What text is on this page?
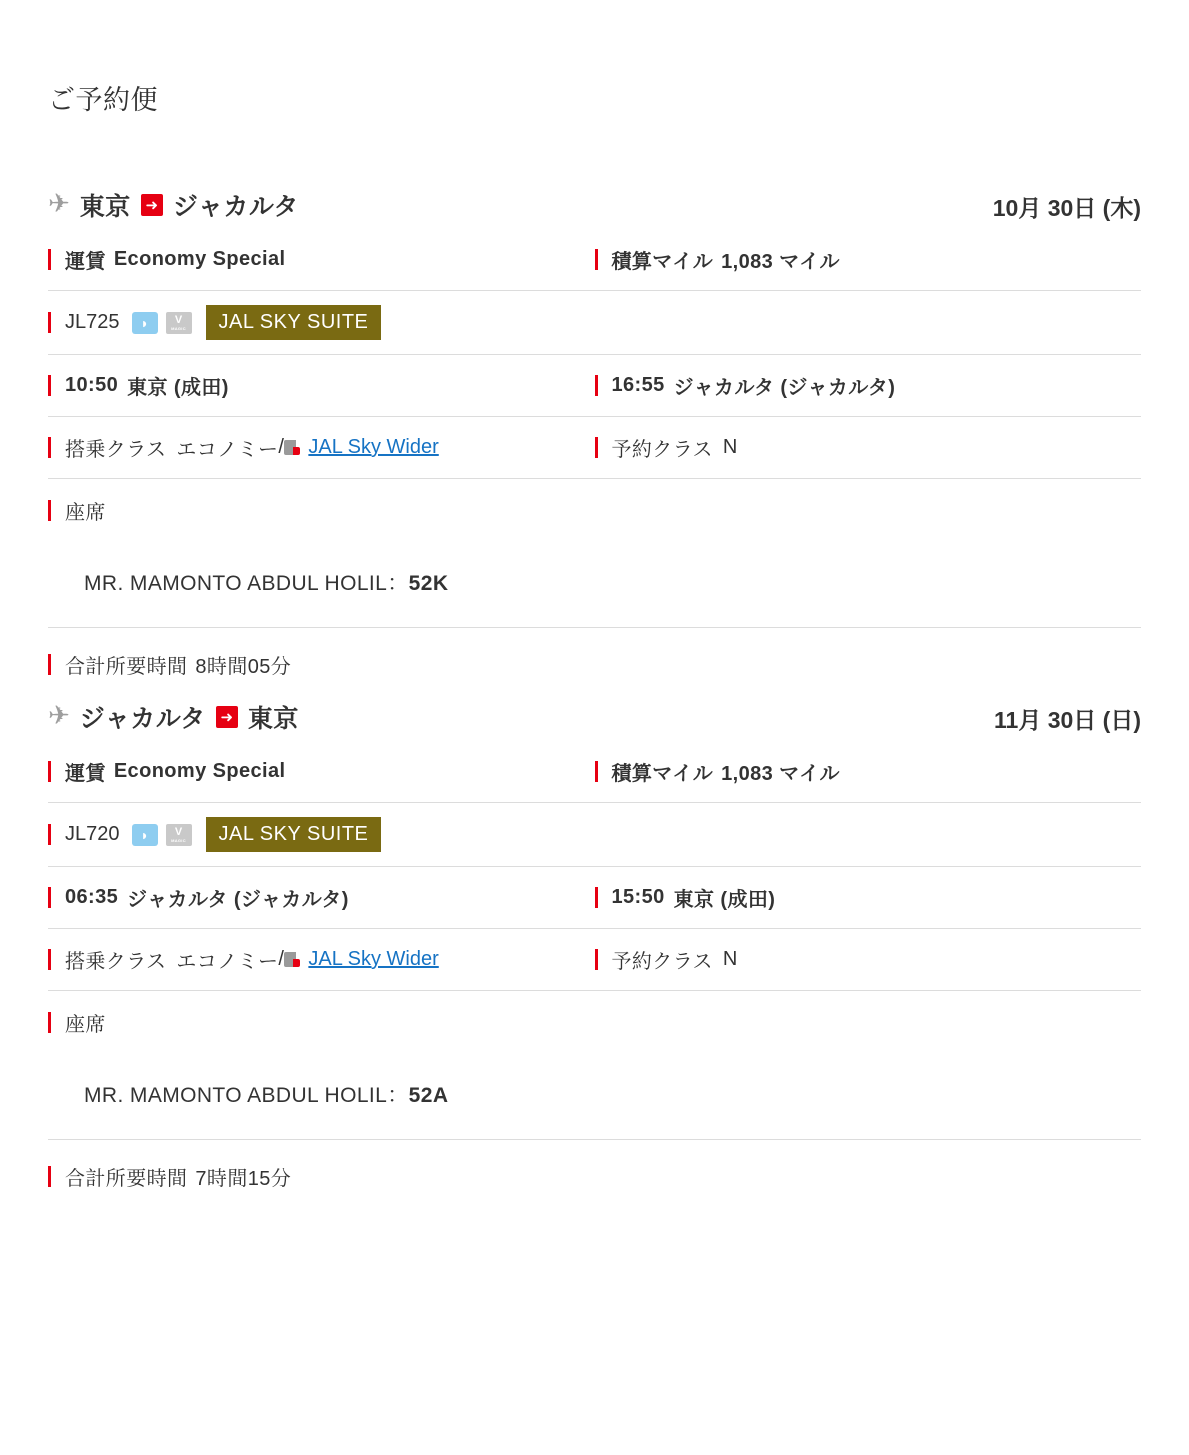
ご予約便
✈ 東京 ➜ ジャカルタ	10月 30日 (木)
運賃 Economy Special	積算マイル 1,083 マイル
JL725	◗	V
MAGIC	JAL SKY SUITE
10:50 東京 (成田)	16:55 ジャカルタ (ジャカルタ)
搭乗クラス エコノミー / JAL Sky Wider	予約クラス N
座席
MR. MAMONTO ABDUL HOLIL：52K
合計所要時間 8時間05分
✈ ジャカルタ ➜ 東京	11月 30日 (日)
運賃 Economy Special	積算マイル 1,083 マイル
JL720	◗	V
MAGIC	JAL SKY SUITE
06:35 ジャカルタ (ジャカルタ)	15:50 東京 (成田)
搭乗クラス エコノミー / JAL Sky Wider	予約クラス N
座席
MR. MAMONTO ABDUL HOLIL：52A
合計所要時間 7時間15分
